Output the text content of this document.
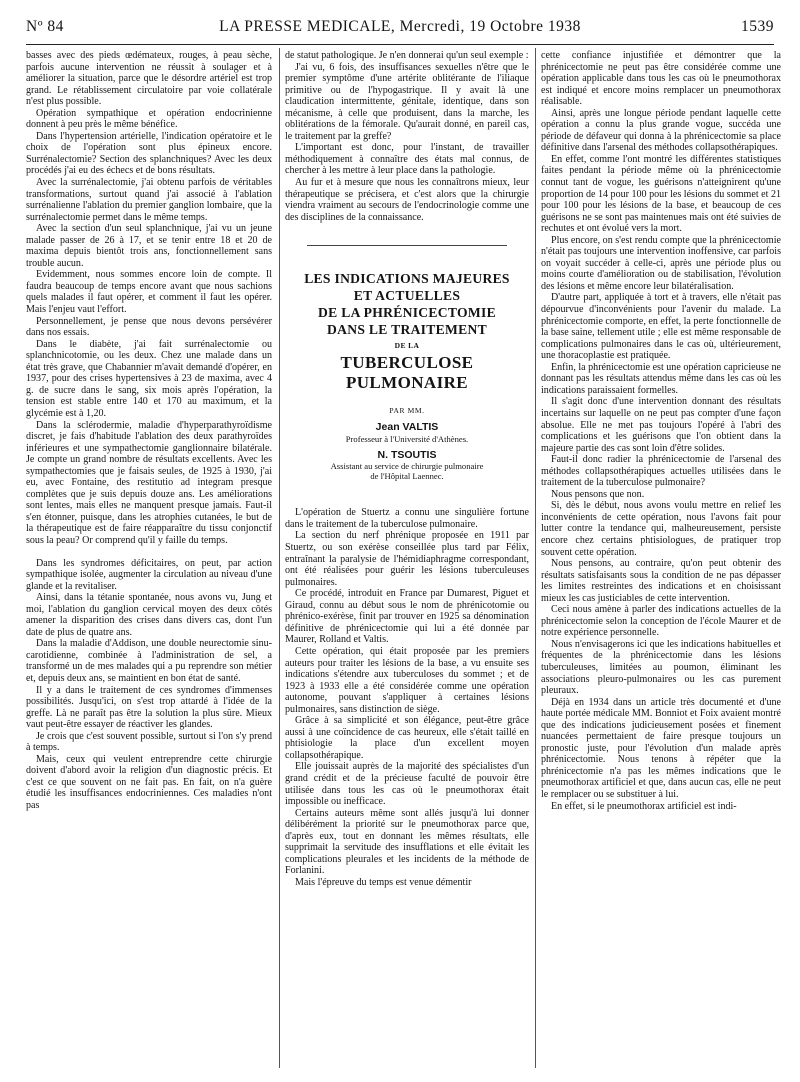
Nº 84	LA PRESSE MEDICALE, Mercredi, 19 Octobre 1938	1539

basses avec des pieds œdémateux, rouges, à peau sèche, parfois aucune intervention ne réussit à soulager et à améliorer la situation, parce que le désordre artériel est trop grand. Le rétablissement circulatoire par voie collatérale n'est plus possible.

Opération sympathique et opération endocrinienne donnent à peu près le même bénéfice.

Dans l'hypertension artérielle, l'indication opératoire et le choix de l'opération sont plus épineux encore. Surrénalectomie? Section des splanchniques? Avec les deux procédés j'ai eu des échecs et de bons résultats.

Avec la surrénalectomie, j'ai obtenu parfois de véritables transformations, surtout quand j'ai associé à l'ablation surrénalienne l'ablation du premier ganglion lombaire, que la surrénalectomie permet dans le même temps.

Avec la section d'un seul splanchnique, j'ai vu un jeune malade passer de 26 à 17, et se tenir entre 18 et 20 de maxima depuis bientôt trois ans, fonctionnellement sans trouble aucun.

Evidemment, nous sommes encore loin de compte. Il faudra beaucoup de temps encore avant que nous sachions quels malades il faut opérer, et comment il faut les opérer. Mais l'enjeu vaut l'effort.

Personnellement, je pense que nous devons persévérer dans nos essais.

Dans le diabète, j'ai fait surrénalectomie ou splanchnicotomie, ou les deux. Chez une malade dans un état très grave, que Chabannier m'avait demandé d'opérer, en 1937, pour des crises hypertensives à 23 de maxima, avec 4 g. de sucre dans le sang, six mois après l'opération, la tension est stable entre 140 et 170 au maximum, et la glycémie est à 1,20.

Dans la sclérodermie, maladie d'hyperparathyroïdisme discret, je fais d'habitude l'ablation des deux parathyroïdes inférieures et une sympathectomie ganglionnaire bilatérale. Je compte un grand nombre de résultats excellents. Avec les sympathectomies que je faisais seules, de 1925 à 1930, j'ai eu, avec Fontaine, des restitutio ad integram presque complètes que je suis depuis douze ans. Les améliorations sont lentes, mais elles ne manquent presque jamais. Faut-il s'en étonner, puisque, dans les atrophies cutanées, le but de la thérapeutique est de faire réapparaître du tissu conjonctif sous la peau? Or comprend qu'il y faille du temps.

Dans les syndromes déficitaires, on peut, par action sympathique isolée, augmenter la circulation au niveau d'une glande et la revitaliser.

Ainsi, dans la tétanie spontanée, nous avons vu, Jung et moi, l'ablation du ganglion cervical moyen des deux côtés amener la disparition des crises dans divers cas, dont l'un date de plus de quatre ans.

Dans la maladie d'Addison, une double neurectomie sinu-carotidienne, combinée à l'administration de sel, a transformé un de mes malades qui a pu reprendre son métier et, depuis deux ans, se maintient en bon état de santé.

Il y a dans le traitement de ces syndromes d'immenses possibilités. Jusqu'ici, on s'est trop attardé à l'idée de la greffe. Là ne paraît pas être la solution la plus sûre. Mieux vaut peut-être essayer de réactiver les glandes.

Je crois que c'est souvent possible, surtout si l'on s'y prend à temps.

Mais, ceux qui veulent entreprendre cette chirurgie doivent d'abord avoir la religion d'un diagnostic précis. Et c'est ce que souvent on ne fait pas. En fait, on n'a guère étudié les insuffisances endocriniennes. Ces maladies n'ont pas

de statut pathologique. Je n'en donnerai qu'un seul exemple :

J'ai vu, 6 fois, des insuffisances sexuelles n'être que le premier symptôme d'une artérite oblitérante de l'iliaque primitive ou de l'hypogastrique. Il y avait là une claudication intermittente, génitale, identique, dans son mécanisme, à celle que produisent, dans la marche, les oblitérations de la fémorale. Qu'aurait donné, en pareil cas, le traitement par la greffe?

L'important est donc, pour l'instant, de travailler méthodiquement à connaître des états mal connus, de chercher à les mettre à leur place dans la pathologie.

Au fur et à mesure que nous les connaîtrons mieux, leur thérapeutique se précisera, et c'est alors que la chirurgie viendra vraiment au secours de l'endocrinologie comme une des disciplines de la connaissance.

LES INDICATIONS MAJEURES
ET ACTUELLES
DE LA PHRÉNICECTOMIE
DANS LE TRAITEMENT
DE LA
TUBERCULOSE PULMONAIRE
PAR MM.
Jean VALTIS
Professeur à l'Université d'Athènes.
N. TSOUTIS
Assistant au service de chirurgie pulmonaire
de l'Hôpital Laennec.

L'opération de Stuertz a connu une singulière fortune dans le traitement de la tuberculose pulmonaire.

La section du nerf phrénique proposée en 1911 par Stuertz, ou son exérèse conseillée plus tard par Félix, entraînant la paralysie de l'hémidiaphragme correspondant, ont été réalisées pour guérir les lésions tuberculeuses pulmonaires.

Ce procédé, introduit en France par Dumarest, Piguet et Giraud, connu au début sous le nom de phrénicotomie ou phrénico-exérèse, finit par trouver en 1925 sa dénomination définitive de phrénicectomie qui lui a été donnée par Maurer, Rolland et Valtis.

Cette opération, qui était proposée par les premiers auteurs pour traiter les lésions de la base, a vu ensuite ses indications s'étendre aux tuberculoses du sommet ; et de 1923 à 1933 elle a été considérée comme une opération autonome, pouvant s'appliquer à certaines lésions pulmonaires, sans distinction de siège.

Grâce à sa simplicité et son élégance, peut-être grâce aussi à une coïncidence de cas heureux, elle s'était taillé en phtisiologie la place d'un excellent moyen collapsothérapique.

Elle jouissait auprès de la majorité des spécialistes d'un grand crédit et de la précieuse faculté de pouvoir être utilisée dans tous les cas où le pneumothorax était impossible ou inefficace.

Certains auteurs même sont allés jusqu'à lui donner délibérément la priorité sur le pneumothorax parce que, d'après eux, tout en donnant les mêmes résultats, elle supprimait la servitude des insufflations et elle évitait les complications pleurales et les incidents de la méthode de Forlanini.

Mais l'épreuve du temps est venue démentir

cette confiance injustifiée et démontrer que la phrénicectomie ne peut pas être considérée comme une opération applicable dans tous les cas où le pneumothorax est indiqué et encore moins remplacer un pneumothorax réalisable.

Ainsi, après une longue période pendant laquelle cette opération a connu la plus grande vogue, succéda une période de défaveur qui donna à la phrénicectomie sa place définitive dans l'arsenal des méthodes collapsothérapiques.

En effet, comme l'ont montré les différentes statistiques faites pendant la période même où la phrénicectomie connut tant de vogue, les guérisons n'atteignirent qu'une proportion de 14 pour 100 pour les lésions du sommet et 21 pour 100 pour les lésions de la base, et beaucoup de ces guérisons ne se sont pas maintenues mais ont été suivies de rechutes et ont évolué vers la mort.

Plus encore, on s'est rendu compte que la phrénicectomie n'était pas toujours une intervention inoffensive, car parfois on voyait succéder à celle-ci, après une période plus ou moins courte d'amélioration ou de stabilisation, l'évolution des lésions et même encore leur bilatéralisation.

D'autre part, appliquée à tort et à travers, elle n'était pas dépourvue d'inconvénients pour l'avenir du malade. La phrénicectomie comporte, en effet, la perte fonctionnelle de la base saine, tellement utile ; elle est même responsable de complications pulmonaires dans le cas où, ultérieurement, une thoracoplastie est pratiquée.

Enfin, la phrénicectomie est une opération capricieuse ne donnant pas les résultats attendus même dans les cas où les indications paraissaient formelles.

Il s'agit donc d'une intervention donnant des résultats incertains sur laquelle on ne peut pas compter d'une façon absolue. Elle ne met pas toujours l'opéré à l'abri des complications et les guérisons que l'on obtient dans la majeure partie des cas sont loin d'être solides.

Faut-il donc radier la phrénicectomie de l'arsenal des méthodes collapsothérapiques actuelles utilisées dans le traitement de la tuberculose pulmonaire?

Nous pensons que non.

Si, dès le début, nous avons voulu mettre en relief les inconvénients de cette opération, nous l'avons fait pour lutter contre la tendance qui, malheureusement, persiste encore chez certains phtisiologues, de pratiquer trop souvent cette opération.

Nous pensons, au contraire, qu'on peut obtenir des résultats satisfaisants sous la condition de ne pas dépasser les limites restreintes des indications et en choisissant mieux les cas justiciables de cette intervention.

Ceci nous amène à parler des indications actuelles de la phrénicectomie selon la conception de l'école Maurer et de notre expérience personnelle.

Nous n'envisagerons ici que les indications habituelles et fréquentes de la phrénicectomie dans les lésions tuberculeuses, limitées au poumon, éliminant les associations pleuro-pulmonaires ou les cas purement pleuraux.

Déjà en 1934 dans un article très documenté et d'une haute portée médicale MM. Bonniot et Foix avaient montré que des indications judicieusement posées et finement nuancées permettaient de faire presque toujours un pronostic juste, pour l'évolution d'un malade après phrénicectomie. Nous tenons à répéter que la phrénicectomie n'a pas les mêmes indications que le pneumothorax artificiel et que, dans aucun cas, elle ne peut le remplacer ou se substituer à lui.

En effet, si le pneumothorax artificiel est indi-
